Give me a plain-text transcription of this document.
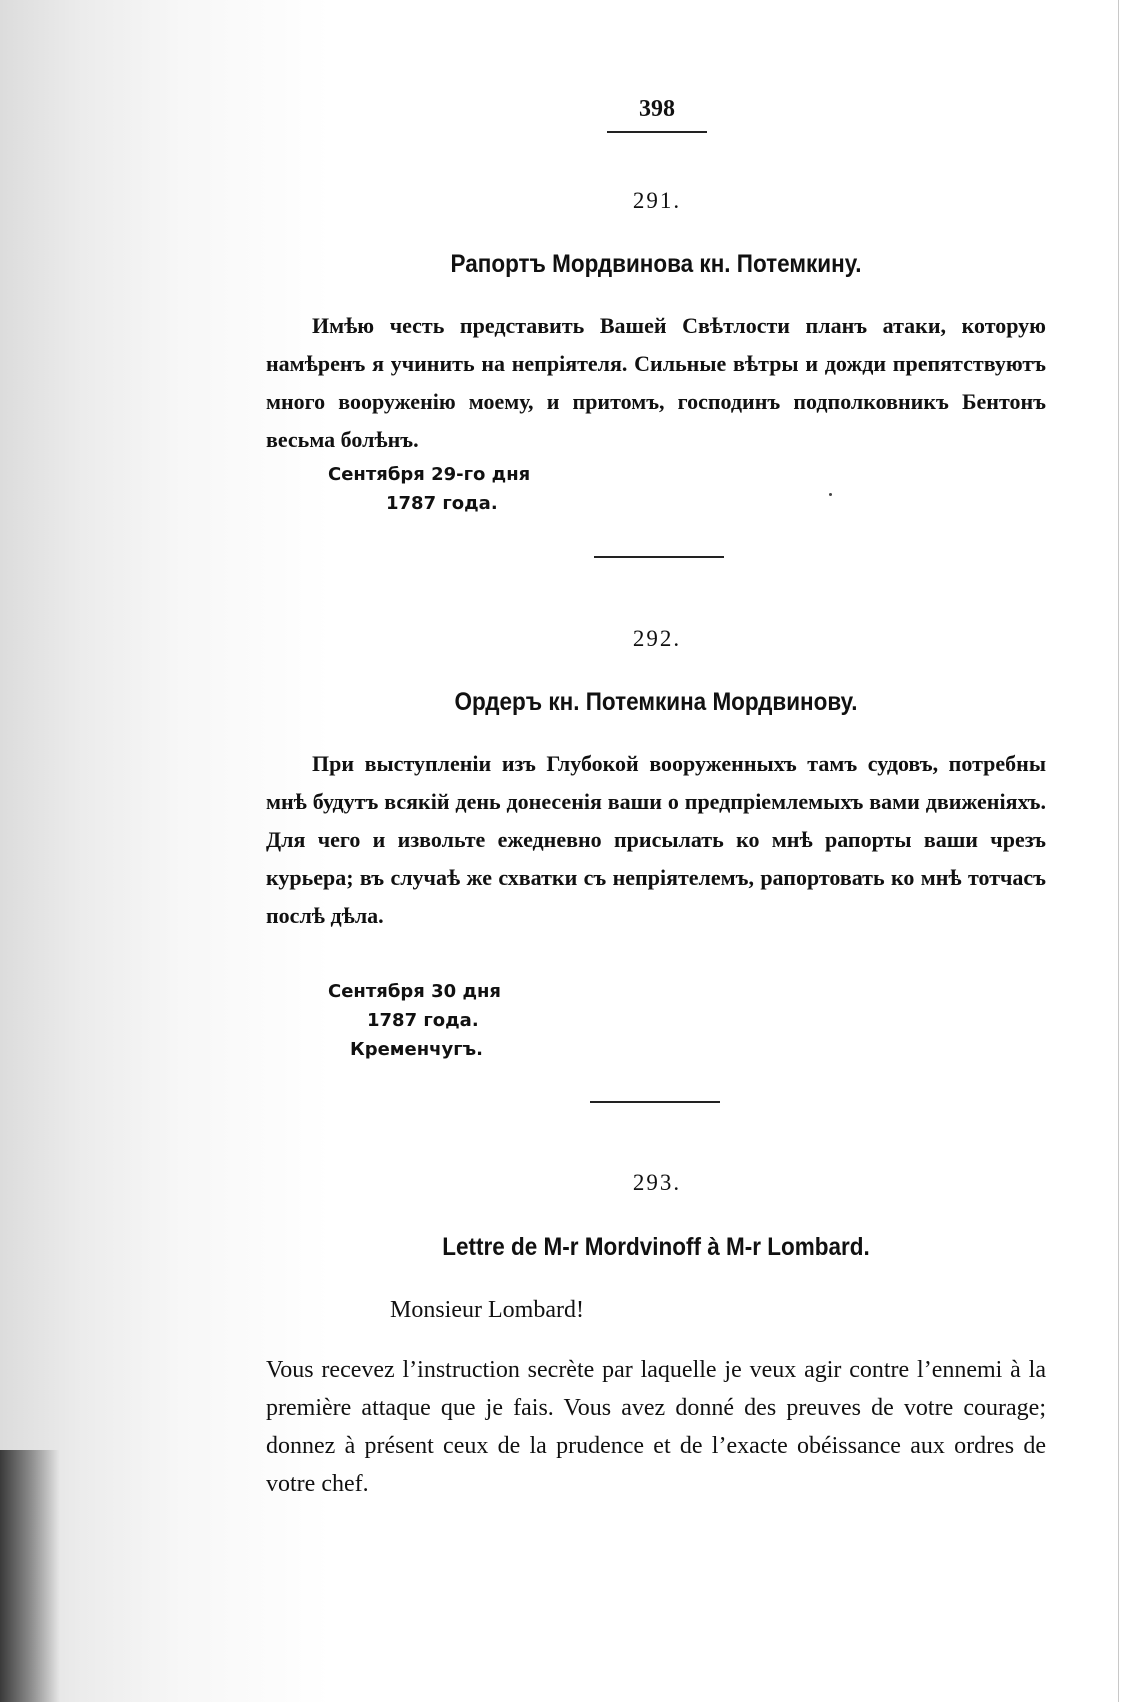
398
291.
Рапортъ Мордвинова кн. Потемкину.
Имѣю честь представить Вашей Свѣтлости планъ атаки, которую намѣренъ я учинить на непріятеля. Сильные вѣтры и дожди препятствуютъ много вооруженію моему, и притомъ, господинъ подполковникъ Бентонъ весьма болѣнъ.
Сентября 29-го дня
1787 года.
292.
Ордеръ кн. Потемкина Мордвинову.
При выступленіи изъ Глубокой вооруженныхъ тамъ судовъ, потребны мнѣ будутъ всякій день донесенія ваши о предпріемлемыхъ вами движеніяхъ. Для чего и извольте ежедневно присылать ко мнѣ рапорты ваши чрезъ курьера; въ случаѣ же схватки съ непріятелемъ, рапортовать ко мнѣ тотчасъ послѣ дѣла.
Сентября 30 дня
1787 года.
Кременчугъ.
293.
Lettre de M-r Mordvinoff à M-r Lombard.
Monsieur Lombard!
Vous recevez l’instruction secrète par laquelle je veux agir contre l’ennemi à la première attaque que je fais. Vous avez donné des preuves de votre courage; donnez à présent ceux de la prudence et de l’exacte obéissance aux ordres de votre chef.
